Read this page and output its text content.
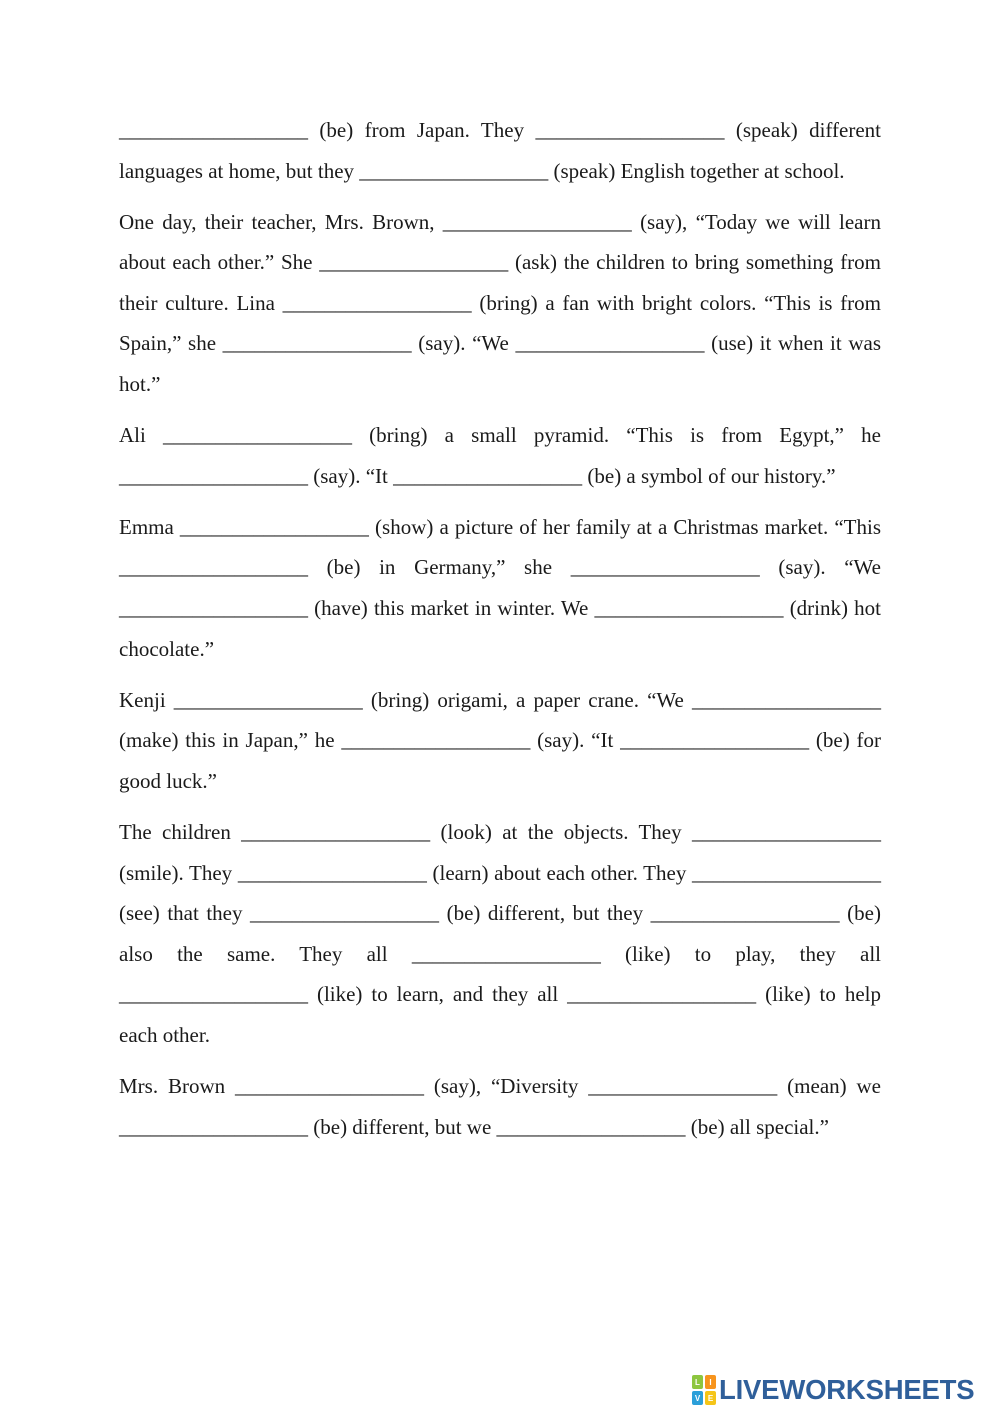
__________________ (be) from Japan. They __________________ (speak) different languages at home, but they __________________ (speak) English together at school.

One day, their teacher, Mrs. Brown, __________________ (say), “Today we will learn about each other.” She __________________ (ask) the children to bring something from their culture. Lina __________________ (bring) a fan with bright colors. “This is from Spain,” she __________________ (say). “We __________________ (use) it when it was hot.”

Ali __________________ (bring) a small pyramid. “This is from Egypt,” he __________________ (say). “It __________________ (be) a symbol of our history.”

Emma __________________ (show) a picture of her family at a Christmas market. “This __________________ (be) in Germany,” she __________________ (say). “We __________________ (have) this market in winter. We __________________ (drink) hot chocolate.”

Kenji __________________ (bring) origami, a paper crane. “We __________________ (make) this in Japan,” he __________________ (say). “It __________________ (be) for good luck.”

The children __________________ (look) at the objects. They __________________ (smile). They __________________ (learn) about each other. They __________________ (see) that they __________________ (be) different, but they __________________ (be) also the same. They all __________________ (like) to play, they all __________________ (like) to learn, and they all __________________ (like) to help each other.

Mrs. Brown __________________ (say), “Diversity __________________ (mean) we __________________ (be) different, but we __________________ (be) all special.”

L I
V E LIVEWORKSHEETS
